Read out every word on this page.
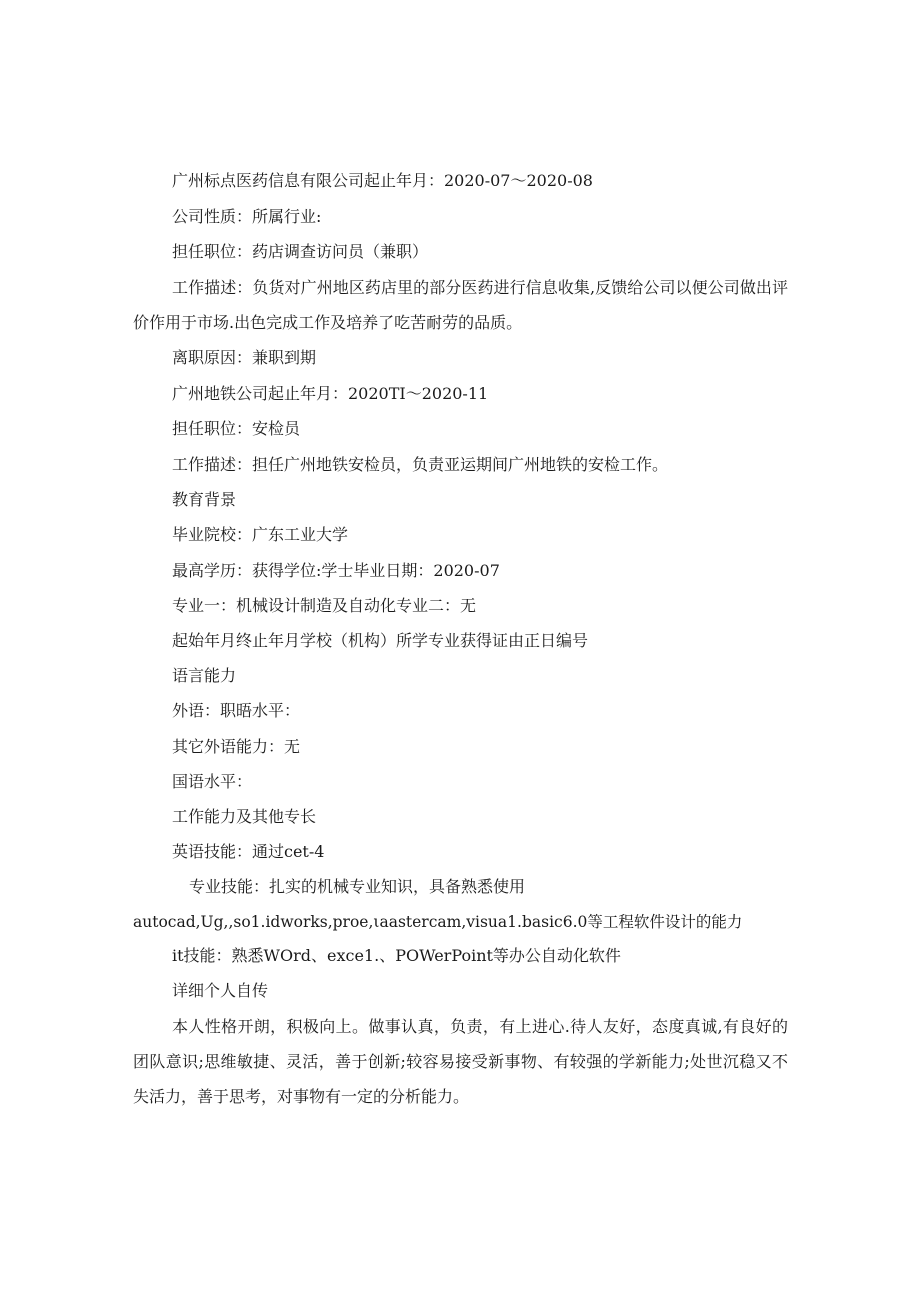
广州标点医药信息有限公司起止年月：2020-07〜2020-08
公司性质：所属行业:
担任职位：药店调查访问员（兼职）
工作描述：负货对广州地区药店里的部分医药进行信息收集,反馈给公司以便公司做出评价作用于市场.出色完成工作及培养了吃苦耐劳的品质。
离职原因：兼职到期
广州地铁公司起止年月：2020TI〜2020-11
担任职位：安检员
工作描述：担任广州地铁安检员，负责亚运期间广州地铁的安检工作。
教育背景
毕业院校：广东工业大学
最高学历：获得学位:学士毕业日期：2020-07
专业一：机械设计制造及自动化专业二：无
起始年月终止年月学校（机构）所学专业获得证由正日编号
语言能力
外语：职晤水平：
其它外语能力：无
国语水平：
工作能力及其他专长
英语技能：通过cet-4
专业技能：扎实的机械专业知识，具备熟悉使用
autocad,Ug,,so1.idworks,proe,ιaastercam,visua1.basic6.0等工程软件设计的能力
it技能：熟悉WOrd、exce1.、POWerPoint等办公自动化软件
详细个人自传
本人性格开朗，积极向上。做事认真，负责，有上进心.待人友好，态度真诚,有良好的团队意识;思维敏捷、灵活，善于创新;较容易接受新事物、有较强的学新能力;处世沉稳又不失活力，善于思考，对事物有一定的分析能力。
